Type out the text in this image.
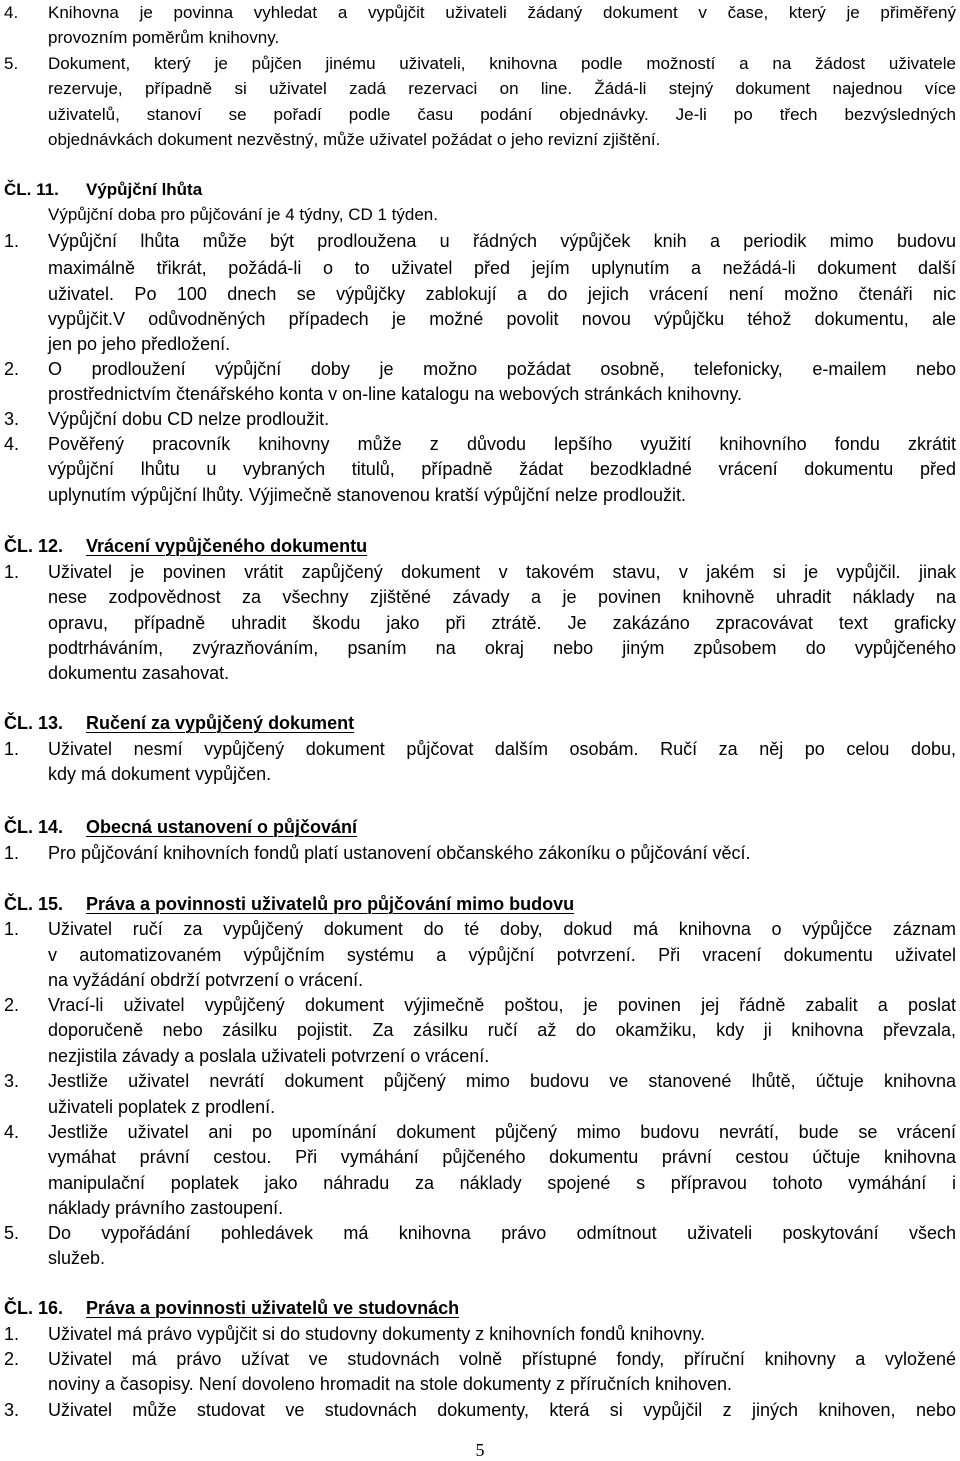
4. Knihovna je povinna vyhledat a vypůjčit uživateli žádaný dokument v čase, který je přiměřený
provozním poměrům knihovny.
5. Dokument, který je půjčen jinému uživateli, knihovna podle možností a na žádost uživatele
rezervuje, případně si uživatel zadá rezervaci on line. Žádá-li stejný dokument najednou více
uživatelů, stanoví se pořadí podle času podání objednávky. Je-li po třech bezvýsledných
objednávkách dokument nezvěstný, může uživatel požádat o jeho revizní zjištění.
ČL. 11. Výpůjční lhůta
Výpůjční doba pro půjčování je 4 týdny, CD 1 týden.
1. Výpůjční lhůta může být prodloužena u řádných výpůjček knih a periodik mimo budovu
maximálně třikrát, požádá-li o to uživatel před jejím uplynutím a nežádá-li dokument další
uživatel. Po 100 dnech se výpůjčky zablokují a do jejich vrácení není možno čtenáři nic
vypůjčit.V odůvodněných případech je možné povolit novou výpůjčku téhož dokumentu, ale
jen po jeho předložení.
2. O prodloužení výpůjční doby je možno požádat osobně, telefonicky, e-mailem nebo
prostřednictvím čtenářského konta v on-line katalogu na webových stránkách knihovny.
3. Výpůjční dobu CD nelze prodloužit.
4. Pověřený pracovník knihovny může z důvodu lepšího využití knihovního fondu zkrátit
výpůjční lhůtu u vybraných titulů, případně žádat bezodkladné vrácení dokumentu před
uplynutím výpůjční lhůty. Výjimečně stanovenou kratší výpůjční nelze prodloužit.
ČL. 12. Vrácení vypůjčeného dokumentu
1. Uživatel je povinen vrátit zapůjčený dokument v takovém stavu, v jakém si je vypůjčil. jinak
nese zodpovědnost za všechny zjištěné závady a je povinen knihovně uhradit náklady na
opravu, případně uhradit škodu jako při ztrátě. Je zakázáno zpracovávat text graficky
podtrháváním, zvýrazňováním, psaním na okraj nebo jiným způsobem do vypůjčeného
dokumentu zasahovat.
ČL. 13. Ručení za vypůjčený dokument
1. Uživatel nesmí vypůjčený dokument půjčovat dalším osobám. Ručí za něj po celou dobu,
kdy má dokument vypůjčen.
ČL. 14. Obecná ustanovení o půjčování
1. Pro půjčování knihovních fondů platí ustanovení občanského zákoníku o půjčování věcí.
ČL. 15. Práva a povinnosti uživatelů pro půjčování mimo budovu
1. Uživatel ručí za vypůjčený dokument do té doby, dokud má knihovna o výpůjčce záznam
v automatizovaném výpůjčním systému a výpůjční potvrzení. Při vracení dokumentu uživatel
na vyžádání obdrží potvrzení o vrácení.
2. Vrací-li uživatel vypůjčený dokument výjimečně poštou, je povinen jej řádně zabalit a poslat
doporučeně nebo zásilku pojistit. Za zásilku ručí až do okamžiku, kdy ji knihovna převzala,
nezjistila závady a poslala uživateli potvrzení o vrácení.
3. Jestliže uživatel nevrátí dokument půjčený mimo budovu ve stanovené lhůtě, účtuje knihovna
uživateli poplatek z prodlení.
4. Jestliže uživatel ani po upomínání dokument půjčený mimo budovu nevrátí, bude se vrácení
vymáhat právní cestou. Při vymáhání půjčeného dokumentu právní cestou účtuje knihovna
manipulační poplatek jako náhradu za náklady spojené s přípravou tohoto vymáhání i
náklady právního zastoupení.
5. Do vypořádání pohledávek má knihovna právo odmítnout uživateli poskytování všech
služeb.
ČL. 16. Práva a povinnosti uživatelů ve studovnách
1. Uživatel má právo vypůjčit si do studovny dokumenty z knihovních fondů knihovny.
2. Uživatel má právo užívat ve studovnách volně přístupné fondy, příruční knihovny a vyložené
noviny a časopisy. Není dovoleno hromadit na stole dokumenty z příručních knihoven.
3. Uživatel může studovat ve studovnách dokumenty, která si vypůjčil z jiných knihoven, nebo
5
